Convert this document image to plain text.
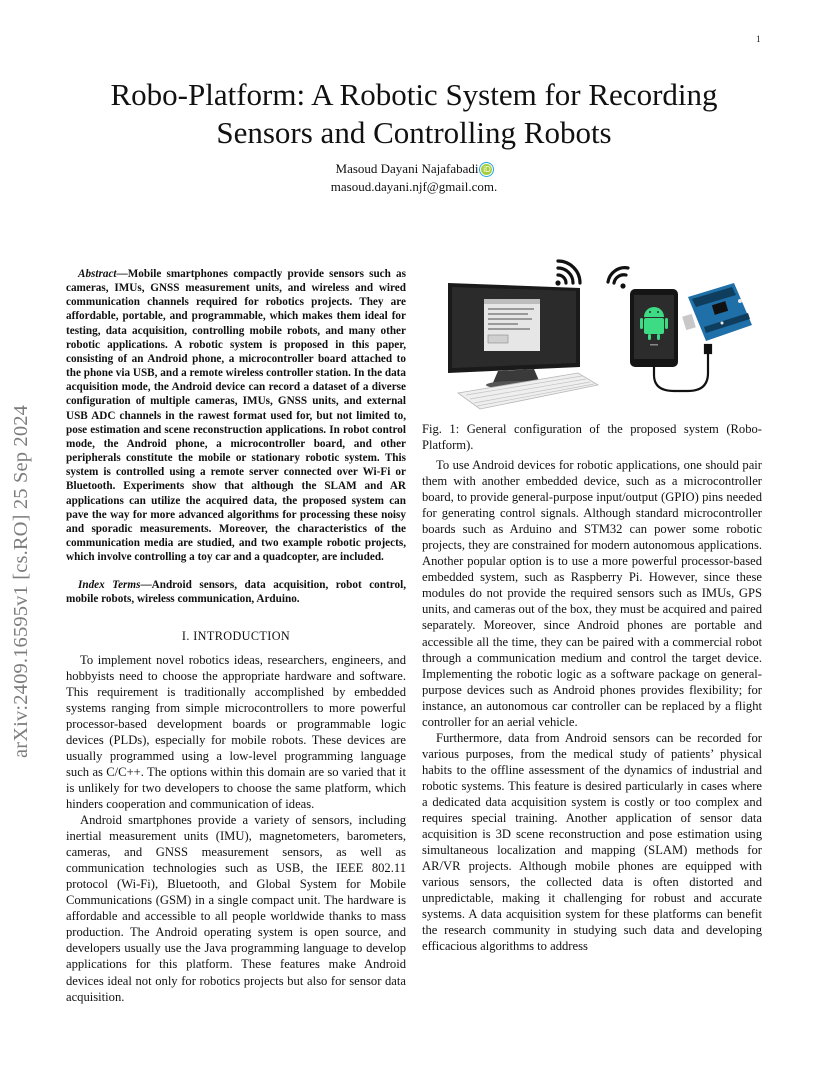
1
arXiv:2409.16595v1 [cs.RO] 25 Sep 2024
Robo-Platform: A Robotic System for Recording
Sensors and Controlling Robots
Masoud Dayani Najafabadi iD
masoud.dayani.njf@gmail.com.

Abstract—Mobile smartphones compactly provide sensors such as cameras, IMUs, GNSS measurement units, and wireless and wired communication channels required for robotics projects. They are affordable, portable, and programmable, which makes them ideal for testing, data acquisition, controlling mobile robots, and many other robotic applications. A robotic system is proposed in this paper, consisting of an Android phone, a microcontroller board attached to the phone via USB, and a remote wireless controller station. In the data acquisition mode, the Android device can record a dataset of a diverse configuration of multiple cameras, IMUs, GNSS units, and external USB ADC channels in the rawest format used for, but not limited to, pose estimation and scene reconstruction applications. In robot control mode, the Android phone, a microcontroller board, and other peripherals constitute the mobile or stationary robotic system. This system is controlled using a remote server connected over Wi-Fi or Bluetooth. Experiments show that although the SLAM and AR applications can utilize the acquired data, the proposed system can pave the way for more advanced algorithms for processing these noisy and sporadic measurements. Moreover, the characteristics of the communication media are studied, and two example robotic projects, which involve controlling a toy car and a quadcopter, are included.

Index Terms—Android sensors, data acquisition, robot control, mobile robots, wireless communication, Arduino.

I. INTRODUCTION

To implement novel robotics ideas, researchers, engineers, and hobbyists need to choose the appropriate hardware and software. This requirement is traditionally accomplished by embedded systems ranging from simple microcontrollers to more powerful processor-based development boards or programmable logic devices (PLDs), especially for mobile robots. These devices are usually programmed using a low-level programming language such as C/C++. The options within this domain are so varied that it is unlikely for two developers to choose the same platform, which hinders cooperation and communication of ideas.

Android smartphones provide a variety of sensors, including inertial measurement units (IMU), magnetometers, barometers, cameras, and GNSS measurement sensors, as well as communication technologies such as USB, the IEEE 802.11 protocol (Wi-Fi), Bluetooth, and Global System for Mobile Communications (GSM) in a single compact unit. The hardware is affordable and accessible to all people worldwide thanks to mass production. The Android operating system is open source, and developers usually use the Java programming language to develop applications for this platform. These features make Android devices ideal not only for robotics projects but also for sensor data acquisition.

Fig. 1: General configuration of the proposed system (Robo-Platform).

To use Android devices for robotic applications, one should pair them with another embedded device, such as a microcontroller board, to provide general-purpose input/output (GPIO) pins needed for generating control signals. Although standard microcontroller boards such as Arduino and STM32 can power some robotic projects, they are constrained for modern autonomous applications. Another popular option is to use a more powerful processor-based embedded system, such as Raspberry Pi. However, since these modules do not provide the required sensors such as IMUs, GPS units, and cameras out of the box, they must be acquired and paired separately. Moreover, since Android phones are portable and accessible all the time, they can be paired with a commercial robot through a communication medium and control the target device. Implementing the robotic logic as a software package on general-purpose devices such as Android phones provides flexibility; for instance, an autonomous car controller can be replaced by a flight controller for an aerial vehicle.

Furthermore, data from Android sensors can be recorded for various purposes, from the medical study of patients’ physical habits to the offline assessment of the dynamics of industrial and robotic systems. This feature is desired particularly in cases where a dedicated data acquisition system is costly or too complex and requires special training. Another application of sensor data acquisition is 3D scene reconstruction and pose estimation using simultaneous localization and mapping (SLAM) methods for AR/VR projects. Although mobile phones are equipped with various sensors, the collected data is often distorted and unpredictable, making it challenging for robust and accurate systems. A data acquisition system for these platforms can benefit the research community in studying such data and developing efficacious algorithms to address
